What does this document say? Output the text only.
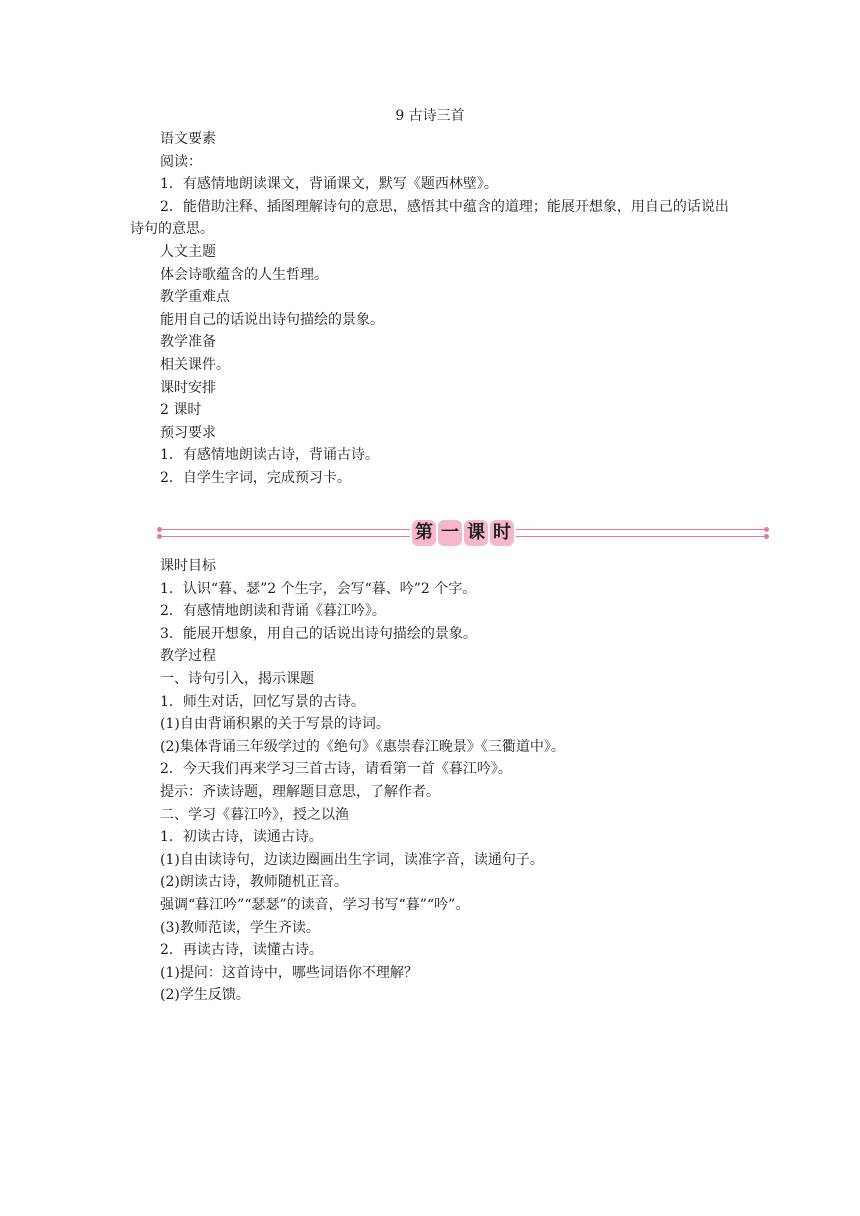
9 古诗三首
语文要素
阅读：
1．有感情地朗读课文，背诵课文，默写《题西林壁》。
2．能借助注释、插图理解诗句的意思，感悟其中蕴含的道理；能展开想象，用自己的话说出诗句的意思。
人文主题
体会诗歌蕴含的人生哲理。
教学重难点
能用自己的话说出诗句描绘的景象。
教学准备
相关课件。
课时安排
2 课时
预习要求
1．有感情地朗读古诗，背诵古诗。
2．自学生字词，完成预习卡。
第 一 课 时
课时目标
1．认识“暮、瑟”2 个生字，会写“暮、吟”2 个字。
2．有感情地朗读和背诵《暮江吟》。
3．能展开想象，用自己的话说出诗句描绘的景象。
教学过程
一、诗句引入，揭示课题
1．师生对话，回忆写景的古诗。
(1)自由背诵积累的关于写景的诗词。
(2)集体背诵三年级学过的《绝句》《惠崇春江晚景》《三衢道中》。
2．今天我们再来学习三首古诗，请看第一首《暮江吟》。
提示：齐读诗题，理解题目意思，了解作者。
二、学习《暮江吟》，授之以渔
1．初读古诗，读通古诗。
(1)自由读诗句，边读边圈画出生字词，读准字音，读通句子。
(2)朗读古诗，教师随机正音。
强调“暮江吟”“瑟瑟”的读音，学习书写“暮”“吟”。
(3)教师范读，学生齐读。
2．再读古诗，读懂古诗。
(1)提问：这首诗中，哪些词语你不理解？
(2)学生反馈。
